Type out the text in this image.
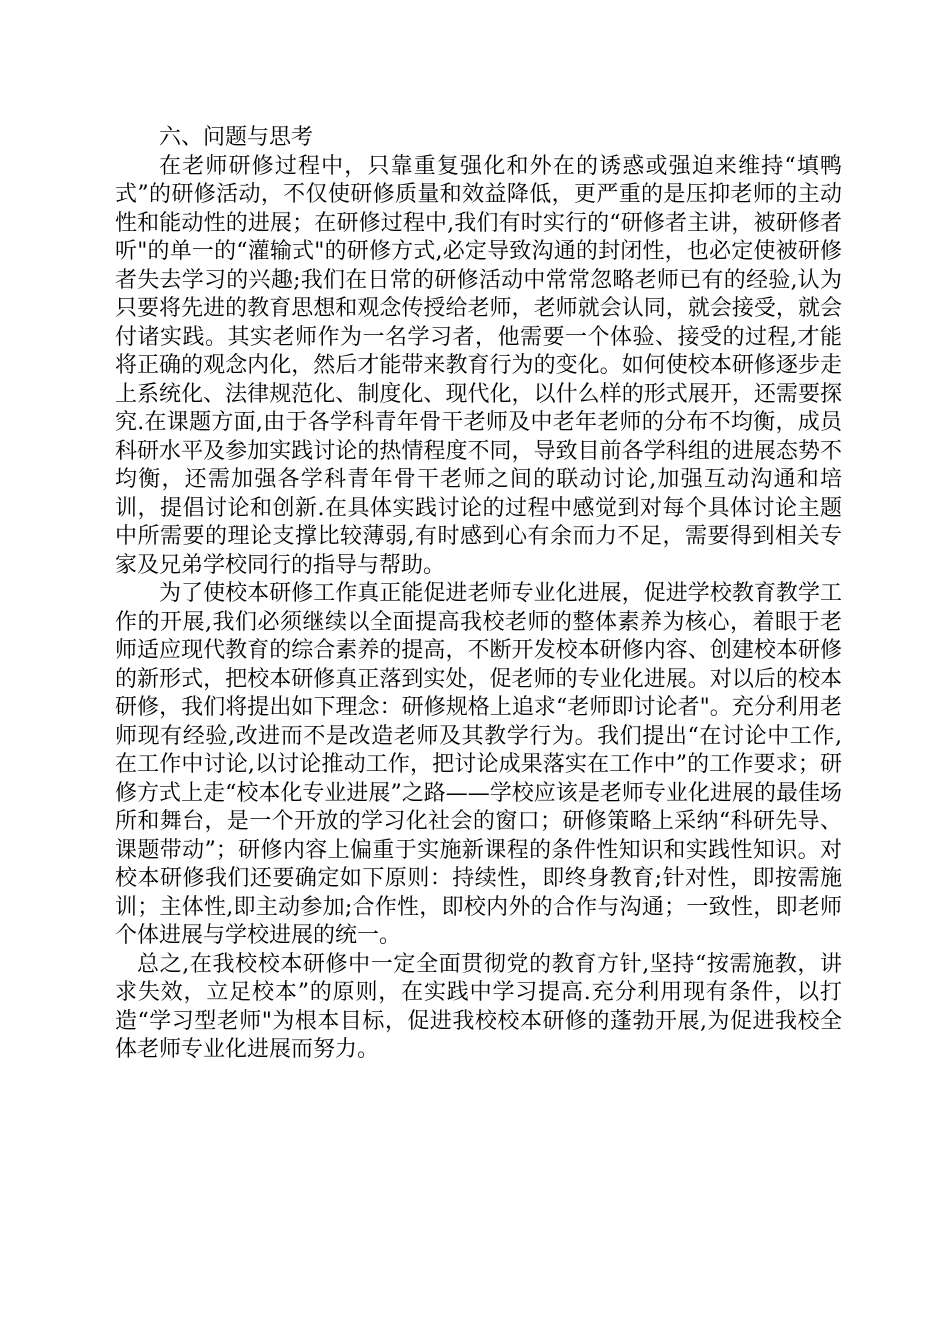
六、问题与思考

在老师研修过程中，只靠重复强化和外在的诱惑或强迫来维持“填鸭式”的研修活动，不仅使研修质量和效益降低，更严重的是压抑老师的主动性和能动性的进展；在研修过程中,我们有时实行的“研修者主讲，被研修者听"的单一的“灌输式"的研修方式,必定导致沟通的封闭性，也必定使被研修者失去学习的兴趣;我们在日常的研修活动中常常忽略老师已有的经验,认为只要将先进的教育思想和观念传授给老师，老师就会认同，就会接受，就会付诸实践。其实老师作为一名学习者，他需要一个体验、接受的过程,才能将正确的观念内化，然后才能带来教育行为的变化。如何使校本研修逐步走上系统化、法律规范化、制度化、现代化，以什么样的形式展开，还需要探究.在课题方面,由于各学科青年骨干老师及中老年老师的分布不均衡，成员科研水平及参加实践讨论的热情程度不同，导致目前各学科组的进展态势不均衡，还需加强各学科青年骨干老师之间的联动讨论,加强互动沟通和培训，提倡讨论和创新.在具体实践讨论的过程中感觉到对每个具体讨论主题中所需要的理论支撑比较薄弱,有时感到心有余而力不足，需要得到相关专家及兄弟学校同行的指导与帮助。

为了使校本研修工作真正能促进老师专业化进展，促进学校教育教学工作的开展,我们必须继续以全面提高我校老师的整体素养为核心，着眼于老师适应现代教育的综合素养的提高，不断开发校本研修内容、创建校本研修的新形式，把校本研修真正落到实处，促老师的专业化进展。对以后的校本研修，我们将提出如下理念：研修规格上追求“老师即讨论者"。充分利用老师现有经验,改进而不是改造老师及其教学行为。我们提出“在讨论中工作,在工作中讨论,以讨论推动工作，把讨论成果落实在工作中”的工作要求；研修方式上走“校本化专业进展”之路——学校应该是老师专业化进展的最佳场所和舞台，是一个开放的学习化社会的窗口；研修策略上采纳“科研先导、课题带动”；研修内容上偏重于实施新课程的条件性知识和实践性知识。对校本研修我们还要确定如下原则：持续性，即终身教育;针对性，即按需施训；主体性,即主动参加;合作性，即校内外的合作与沟通；一致性，即老师个体进展与学校进展的统一。

总之,在我校校本研修中一定全面贯彻党的教育方针,坚持“按需施教，讲求失效，立足校本”的原则，在实践中学习提高.充分利用现有条件，以打造“学习型老师"为根本目标，促进我校校本研修的蓬勃开展,为促进我校全体老师专业化进展而努力。
